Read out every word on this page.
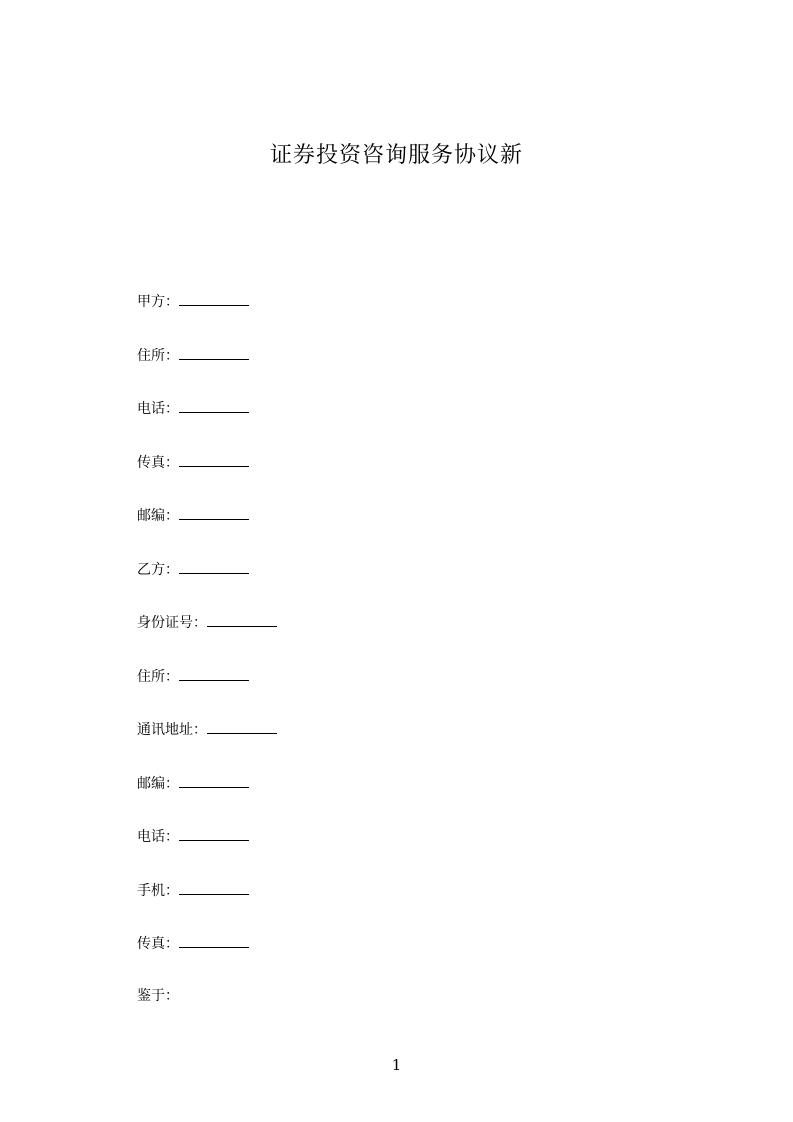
证券投资咨询服务协议新
甲方：
住所：
电话：
传真：
邮编：
乙方：
身份证号：
住所：
通讯地址：
邮编：
电话：
手机：
传真：
鉴于：
1
